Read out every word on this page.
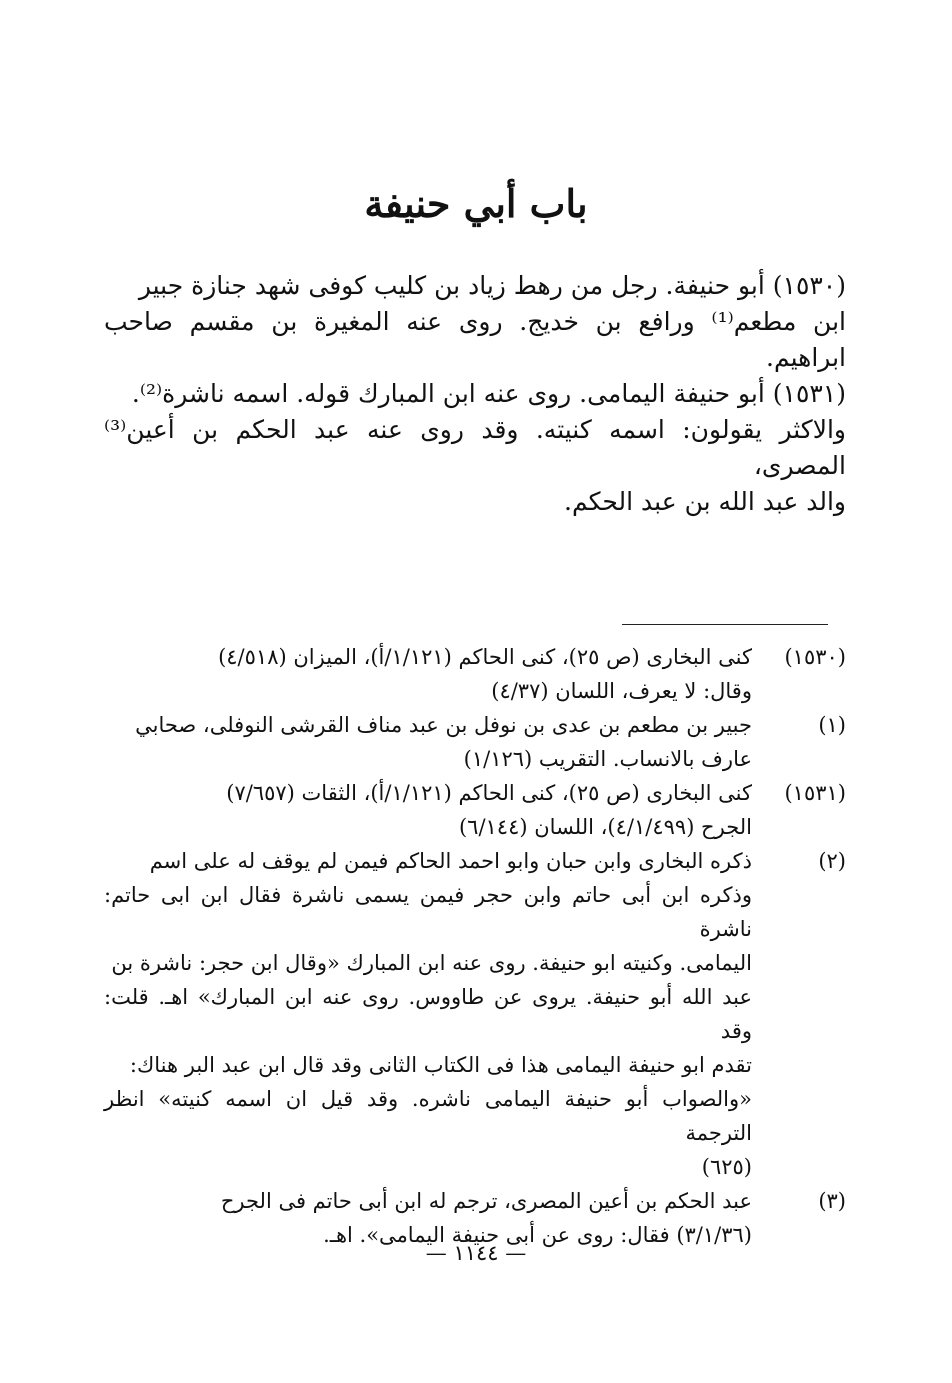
باب أبي حنيفة

(١٥٣٠) أبو حنيفة. رجل من رهط زياد بن كليب كوفى شهد جنازة جبير

ابن مطعم⁽¹⁾ ورافع بن خديج. روى عنه المغيرة بن مقسم صاحب ابراهيم.

(١٥٣١) أبو حنيفة اليمامى. روى عنه ابن المبارك قوله. اسمه ناشرة⁽²⁾.

والاكثر يقولون: اسمه كنيته. وقد روى عنه عبد الحكم بن أعين⁽³⁾ المصرى،

والد عبد الله بن عبد الحكم.

(١٥٣٠)
كنى البخارى (ص ٢٥)، كنى الحاكم (١/١٢١/أ)، الميزان (٤/٥١٨)
وقال: لا يعرف، اللسان (٤/٣٧)
(١)
جبير بن مطعم بن عدى بن نوفل بن عبد مناف القرشى النوفلى، صحابي
عارف بالانساب. التقريب (١/١٢٦)
(١٥٣١)
كنى البخارى (ص ٢٥)، كنى الحاكم (١/١٢١/أ)، الثقات (٧/٦٥٧)
الجرح (٤/١/٤٩٩)، اللسان (٦/١٤٤)
(٢)
ذكره البخارى وابن حبان وابو احمد الحاكم فيمن لم يوقف له على اسم
وذكره ابن أبى حاتم وابن حجر فيمن يسمى ناشرة فقال ابن ابى حاتم: ناشرة
اليمامى. وكنيته ابو حنيفة. روى عنه ابن المبارك «وقال ابن حجر: ناشرة بن
عبد الله أبو حنيفة. يروى عن طاووس. روى عنه ابن المبارك» اهـ. قلت: وقد
تقدم ابو حنيفة اليمامى هذا فى الكتاب الثانى وقد قال ابن عبد البر هناك:
«والصواب أبو حنيفة اليمامى ناشره. وقد قيل ان اسمه كنيته» انظر الترجمة
(٦٢٥)
(٣)
عبد الحكم بن أعين المصرى، ترجم له ابن أبى حاتم فى الجرح
(٣/١/٣٦) فقال: روى عن أبى حنيفة اليمامى». اهـ.
— ١١٤٤ —
